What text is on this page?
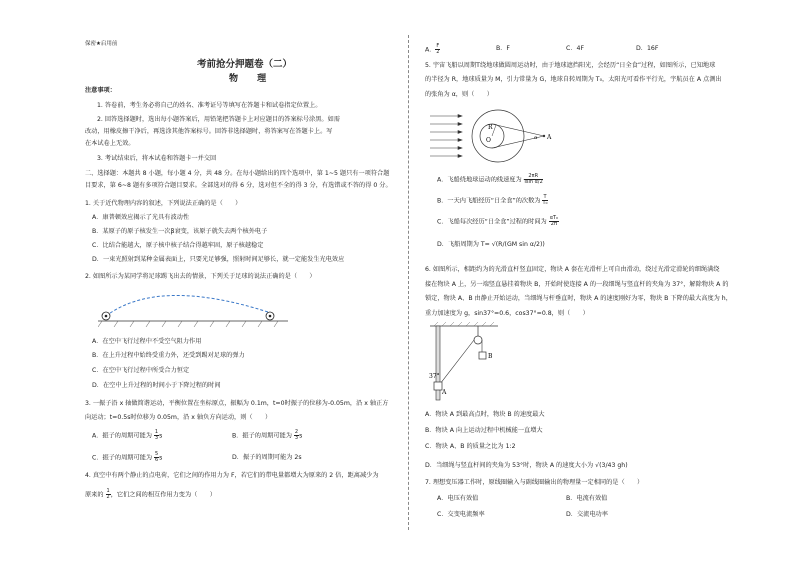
保密★启用前
考前抢分押题卷（二）
物 理
注意事项：
1. 答卷前，考生务必将自己的姓名、准考证号等填写在答题卡和试卷指定位置上。
2. 回答选择题时，选出每小题答案后，用铅笔把答题卡上对应题目的答案标号涂黑。如需
改动，用橡皮擦干净后，再选涂其他答案标号。回答非选择题时，将答案写在答题卡上。写
在本试卷上无效。
3. 考试结束后，将本试卷和答题卡一并交回
二、选择题：本题共 8 小题，每小题 4 分，共 48 分。在每小题给出的四个选项中，第 1~5 题只有一项符合题
目要求，第 6~8 题有多项符合题目要求。全部选对的得 6 分，选对但不全的得 3 分，有选错或不答的得 0 分。
1. 关于近代物理内容的叙述，下列说法正确的是（　　）
A．康普顿效应揭示了光具有波动性
B．某原子的原子核发生一次β衰变，该原子就失去两个核外电子
C．比结合能越大，原子核中核子结合得越牢固，原子核越稳定
D．一束光照射到某种金属表面上，只要光足够强，照射时间足够长，就一定能发生光电效应
2. 如图所示为某同学将足球踢飞出去的情景，下列关于足球的说法正确的是（　　）
A．在空中飞行过程中不受空气阻力作用
B．在上升过程中始终受重力外，还受到踢对足球的弹力
C．在空中飞行过程中所受合力恒定
D．在空中上升过程的时间小于下降过程的时间
3. 一振子沿 x 轴做简谐运动，平衡位置在坐标原点，振幅为 0.1m，t=0时振子的位移为-0.05m，沿 x 轴正方
向运动；t=0.5s时位移为 0.05m，沿 x 轴负方向运动，则（　　）
A．振子的周期可能为 $\frac{1}{3}$ s	B．振子的周期可能为 $\frac{2}{3}$ s
C．振子的周期可能为 $\frac{5}{6}$ s	D．振子的周期可能为 2s
4. 真空中有两个静止的点电荷，它们之间的作用力为 F，若它们的带电量都增大为原来的 2 倍，距离减少为
原来的 $\frac{1}{2}$ ，它们之间的相互作用力变为（　　）
A． $\frac{F}{2}$	B．F	C．4F	D．16F
5. 宇宙飞船以周期T绕地球做圆周运动时，由于地球遮挡阳光，会经历“日全食”过程，如图所示，已知地球
的半径为 R，地球质量为 M，引力常量为 G，地球自转周期为 T₀，太阳光可看作平行光，宇航员在 A 点测出
的张角为 α，则（　　）
R
O	α A
A．飞船绕地球运动的线速度为 $\frac{2\pi R}{\text{Tsin α/2}}$
B．一天内飞船经历“日全食”的次数为 $\frac{T}{\text{T₀}}$
C．飞船每次经历“日全食”过程的时间为 $\frac{\text{αT₀}}{2\pi}$
D．飞船周期为 T= √(R/(GM sin α/2))
6. 如图所示，相距约为的光滑直杆竖直固定，物块 A 套在光滑杆上可自由滑动，绕过光滑定滑轮的细绳满绕
接在物块 A 上，另一端竖直悬挂着物块 B，开始时使连接 A 的一段细绳与竖直杆的夹角为 37°，解除物块 A 的
锁定，物块 A、B 由静止开始运动，当细绳与杆垂直时，物块 A 的速度刚好为零，物块 B 下降的最大高度为 h，
重力加速度为 g，sin37°=0.6，cos37°=0.8，则（　　）
37°
A
B
A．物块 A 到最高点时，物块 B 的速度最大
B．物块 A 向上运动过程中机械能一直增大
C．物块 A、B 的质量之比为 1:2
D．当细绳与竖直杆间的夹角为 53°时，物块 A 的速度大小为 √(3/43 gh)
7. 理想变压器工作时，原线圈输入与副线圈输出的物理量一定相同的是（　　）
A．电压有效值	B．电流有效值
C．交变电流频率	D．交流电功率
